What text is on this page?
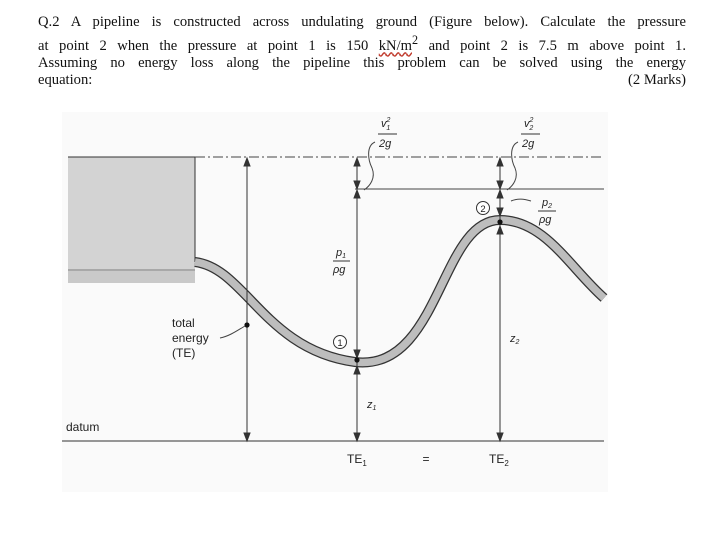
Q.2 A pipeline is constructed across undulating ground (Figure below). Calculate the pressure
at point 2 when the pressure at point 1 is 150 $kN/m^2$ and point 2 is 7.5 m above point 1.
Assuming no energy loss along the pipeline this problem can be solved using the energy
equation:	(2 Marks)
datum
total
energy
(TE)
1
2
p1
ρg
p2
ρg
$v^2$ 1
2g
$v^2$ 2
2g
z1
z2
$TE_1$	=	$TE_2$
